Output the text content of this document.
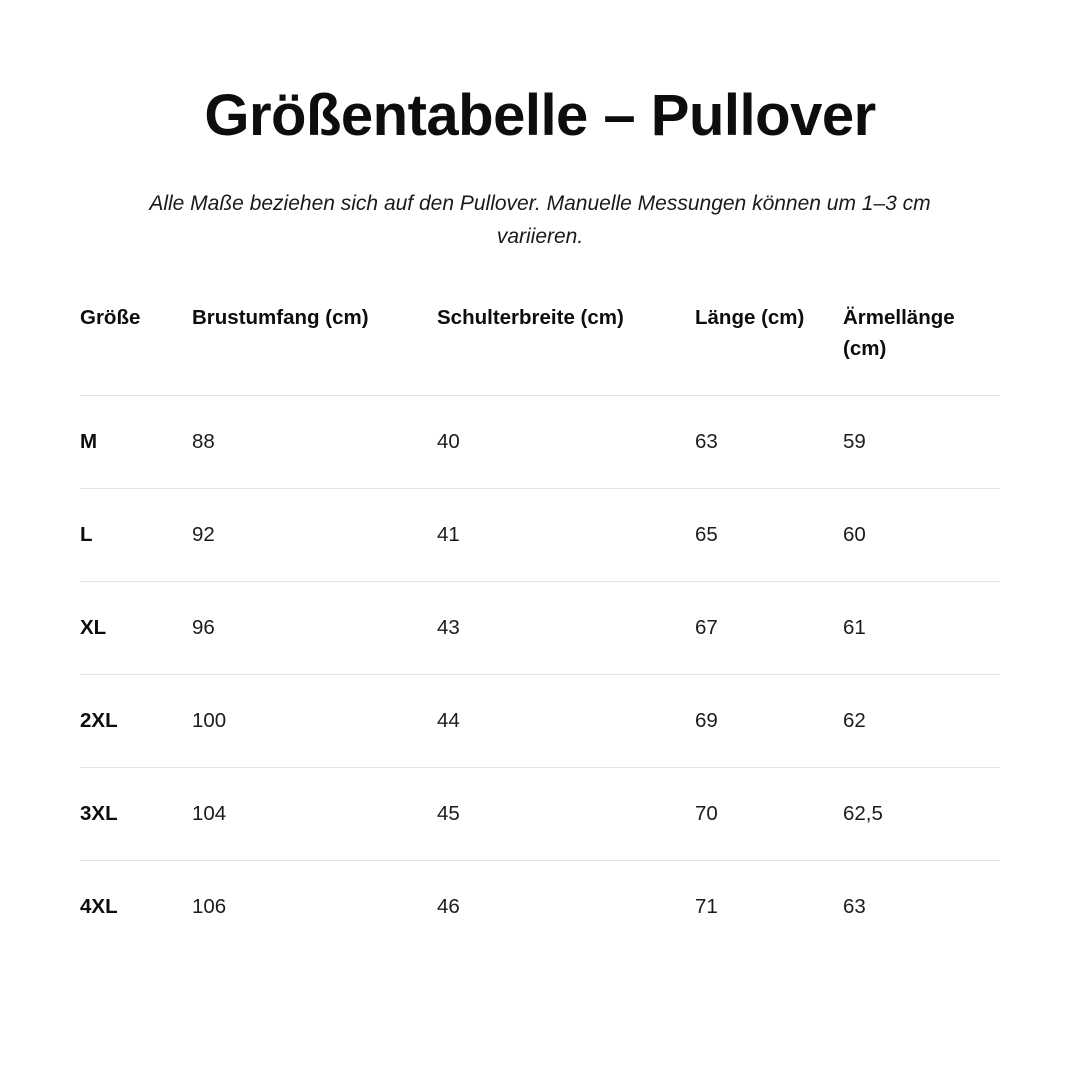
Größentabelle – Pullover

Alle Maße beziehen sich auf den Pullover. Manuelle Messungen können um 1–3 cm variieren.

Größe	Brustumfang (cm)	Schulterbreite (cm)	Länge (cm)	Ärmellänge (cm)
M	88	40	63	59
L	92	41	65	60
XL	96	43	67	61
2XL	100	44	69	62
3XL	104	45	70	62,5
4XL	106	46	71	63
